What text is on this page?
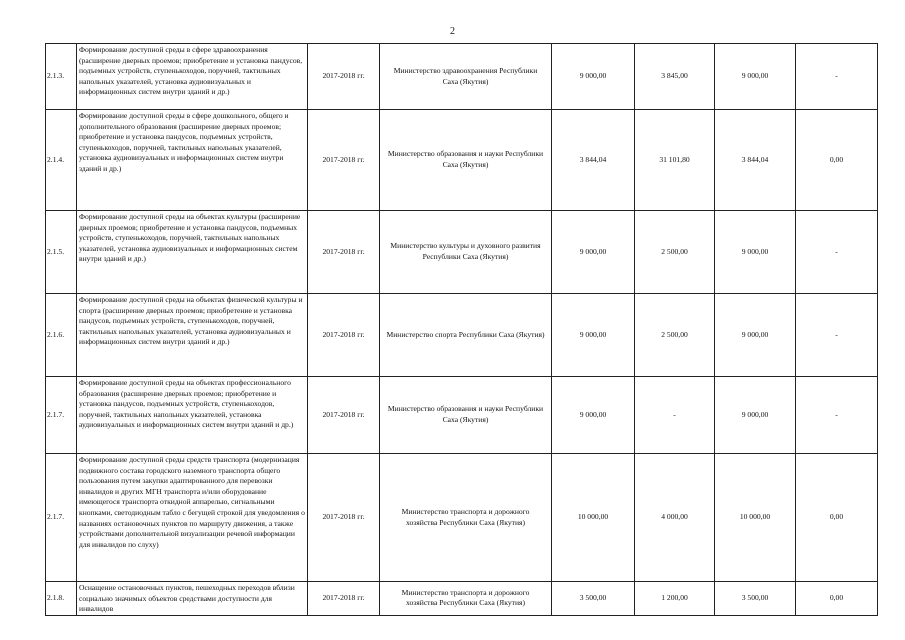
2
2.1.3.	Формирование доступной среды в сфере здравоохранения (расширение дверных проемов; приобретение и установка пандусов, подъемных устройств, ступенькоходов, поручней, тактильных напольных указателей, установка аудиовизуальных и информационных систем внутри зданий и др.)	2017-2018 гг.	Министерство здравоохранения Республики Саха (Якутия)	9 000,00	3 845,00	9 000,00	-
2.1.4.	Формирование доступной среды в сфере дошкольного, общего и дополнительного образования (расширение дверных проемов; приобретение и установка пандусов, подъемных устройств, ступенькоходов, поручней, тактильных напольных указателей, установка аудиовизуальных и информационных систем внутри зданий и др.)	2017-2018 гг.	Министерство образования и науки Республики Саха (Якутия)	3 844,04	31 101,80	3 844,04	0,00
2.1.5.	Формирование доступной среды на объектах культуры (расширение дверных проемов; приобретение и установка пандусов, подъемных устройств, ступенькоходов, поручней, тактильных напольных указателей, установка аудиовизуальных и информационных систем внутри зданий и др.)	2017-2018 гг.	Министерство культуры и духовного развития Республики Саха (Якутия)	9 000,00	2 500,00	9 000,00	-
2.1.6.	Формирование доступной среды на объектах физической культуры и спорта (расширение дверных проемов; приобретение и установка пандусов, подъемных устройств, ступенькоходов, поручней, тактильных напольных указателей, установка аудиовизуальных и информационных систем внутри зданий и др.)	2017-2018 гг.	Министерство спорта Республики Саха (Якутия)	9 000,00	2 500,00	9 000,00	-
2.1.7.	Формирование доступной среды на объектах профессионального образования (расширение дверных проемов; приобретение и установка пандусов, подъемных устройств, ступенькоходов, поручней, тактильных напольных указателей, установка аудиовизуальных и информационных систем внутри зданий и др.)	2017-2018 гг.	Министерство образования и науки Республики Саха (Якутия)	9 000,00	-	9 000,00	-
2.1.7.	Формирование доступной среды средств транспорта (модернизация подвижного состава городского наземного транспорта общего пользования путем закупки адаптированного для перевозки инвалидов и других МГН транспорта и/или оборудование имеющегося транспорта откидной аппарелью, сигнальными кнопками, светодиодным табло с бегущей строкой для уведомления о названиях остановочных пунктов по маршруту движения, а также устройствами дополнительной визуализации речевой информации для инвалидов по слуху)	2017-2018 гг.	Министерство транспорта и дорожного хозяйства Республики Саха (Якутия)	10 000,00	4 000,00	10 000,00	0,00
2.1.8.	Оснащение остановочных пунктов, пешеходных переходов вблизи социально значимых объектов средствами доступности для инвалидов	2017-2018 гг.	Министерство транспорта и дорожного хозяйства Республики Саха (Якутия)	3 500,00	1 200,00	3 500,00	0,00
